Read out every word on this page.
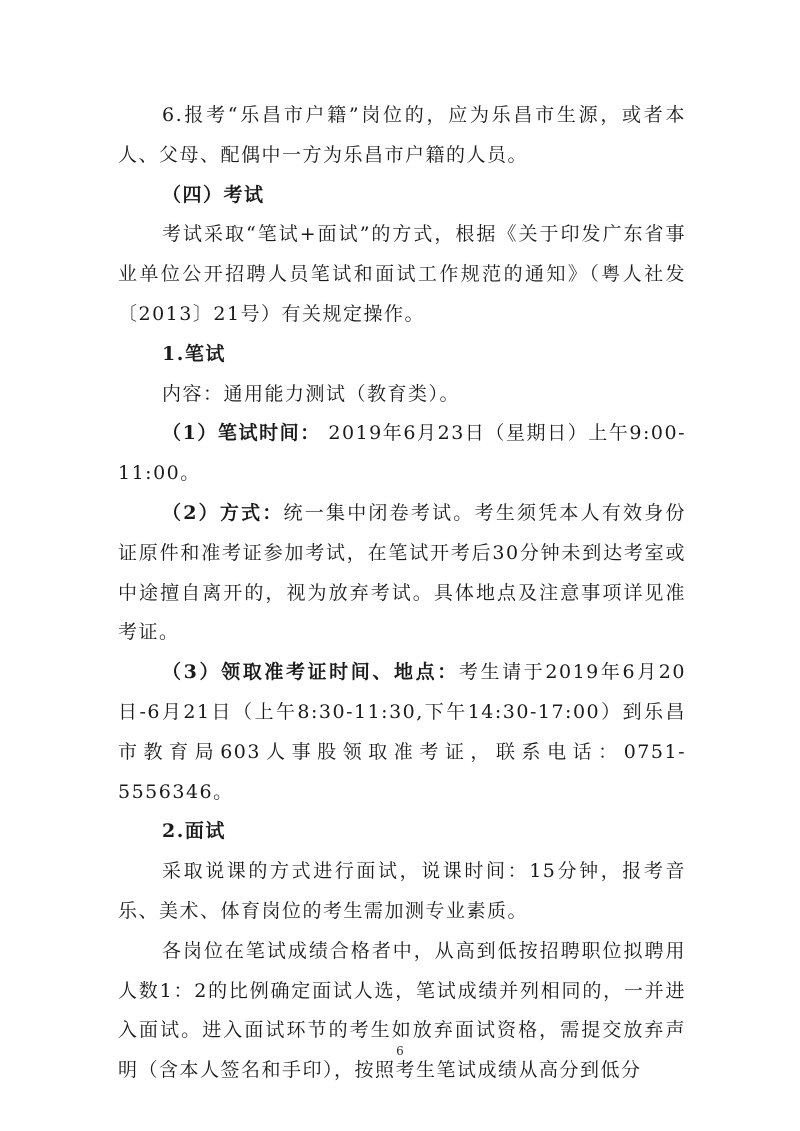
6.报考“乐昌市户籍”岗位的，应为乐昌市生源，或者本人、父母、配偶中一方为乐昌市户籍的人员。

（四）考试

考试采取“笔试+面试”的方式，根据《关于印发广东省事业单位公开招聘人员笔试和面试工作规范的通知》（粤人社发〔2013〕21号）有关规定操作。

1.笔试

内容：通用能力测试（教育类）。

（1）笔试时间： 2019年6月23日（星期日）上午9:00-11:00。

（2）方式：统一集中闭卷考试。考生须凭本人有效身份证原件和准考证参加考试，在笔试开考后30分钟未到达考室或中途擅自离开的，视为放弃考试。具体地点及注意事项详见准考证。

（3）领取准考证时间、地点：考生请于2019年6月20日-6月21日（上午8:30-11:30,下午14:30-17:00）到乐昌市教育局603人事股领取准考证，联系电话：0751-5556346。

2.面试

采取说课的方式进行面试，说课时间：15分钟，报考音乐、美术、体育岗位的考生需加测专业素质。

各岗位在笔试成绩合格者中，从高到低按招聘职位拟聘用人数1：2的比例确定面试人选，笔试成绩并列相同的，一并进入面试。进入面试环节的考生如放弃面试资格，需提交放弃声明（含本人签名和手印），按照考生笔试成绩从高分到低分

6
